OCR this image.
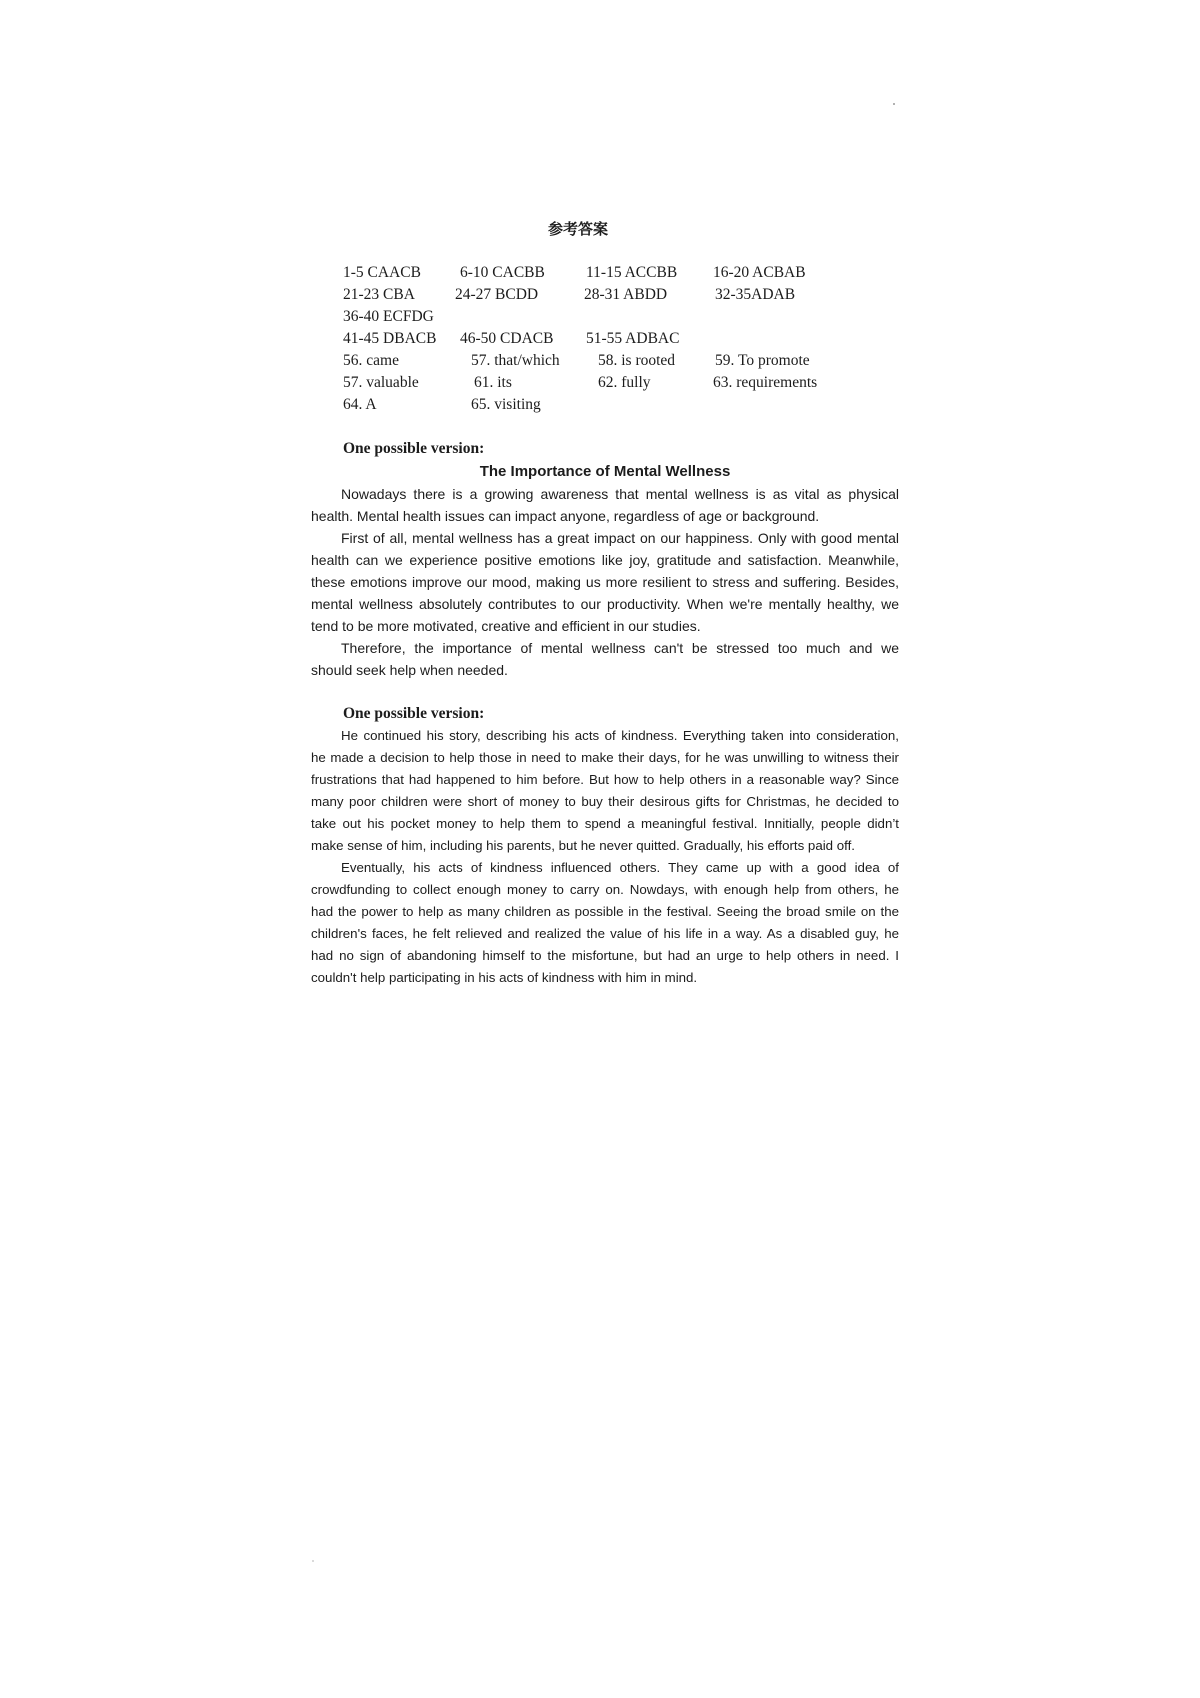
参考答案
1-5 CAACB	6-10 CACBB	11-15 ACCBB 16-20 ACBAB
21-23 CBA	24-27 BCDD	28-31 ABDD	32-35ADAB
36-40 ECFDG
41-45 DBACB 46-50 CDACB 51-55 ADBAC
56. came	57. that/which 58. is rooted	59. To promote
57. valuable	61. its	62. fully	63. requirements
64. A	65. visiting
One possible version:
The Importance of Mental Wellness
Nowadays there is a growing awareness that mental wellness is as vital as physical
health. Mental health issues can impact anyone, regardless of age or background.
First of all, mental wellness has a great impact on our happiness. Only with good mental
health can we experience positive emotions like joy, gratitude and satisfaction. Meanwhile,
these emotions improve our mood, making us more resilient to stress and suffering. Besides,
mental wellness absolutely contributes to our productivity. When we're mentally healthy, we
tend to be more motivated, creative and efficient in our studies.
Therefore, the importance of mental wellness can't be stressed too much and we
should seek help when needed.
One possible version:
He continued his story, describing his acts of kindness. Everything taken into consideration,
he made a decision to help those in need to make their days, for he was unwilling to witness their
frustrations that had happened to him before. But how to help others in a reasonable way? Since
many poor children were short of money to buy their desirous gifts for Christmas, he decided to
take out his pocket money to help them to spend a meaningful festival. Innitially, people didn’t
make sense of him, including his parents, but he never quitted. Gradually, his efforts paid off.
Eventually, his acts of kindness influenced others. They came up with a good idea of
crowdfunding to collect enough money to carry on. Nowdays, with enough help from others, he
had the power to help as many children as possible in the festival. Seeing the broad smile on the
children's faces, he felt relieved and realized the value of his life in a way. As a disabled guy, he
had no sign of abandoning himself to the misfortune, but had an urge to help others in need. I
couldn't help participating in his acts of kindness with him in mind.
